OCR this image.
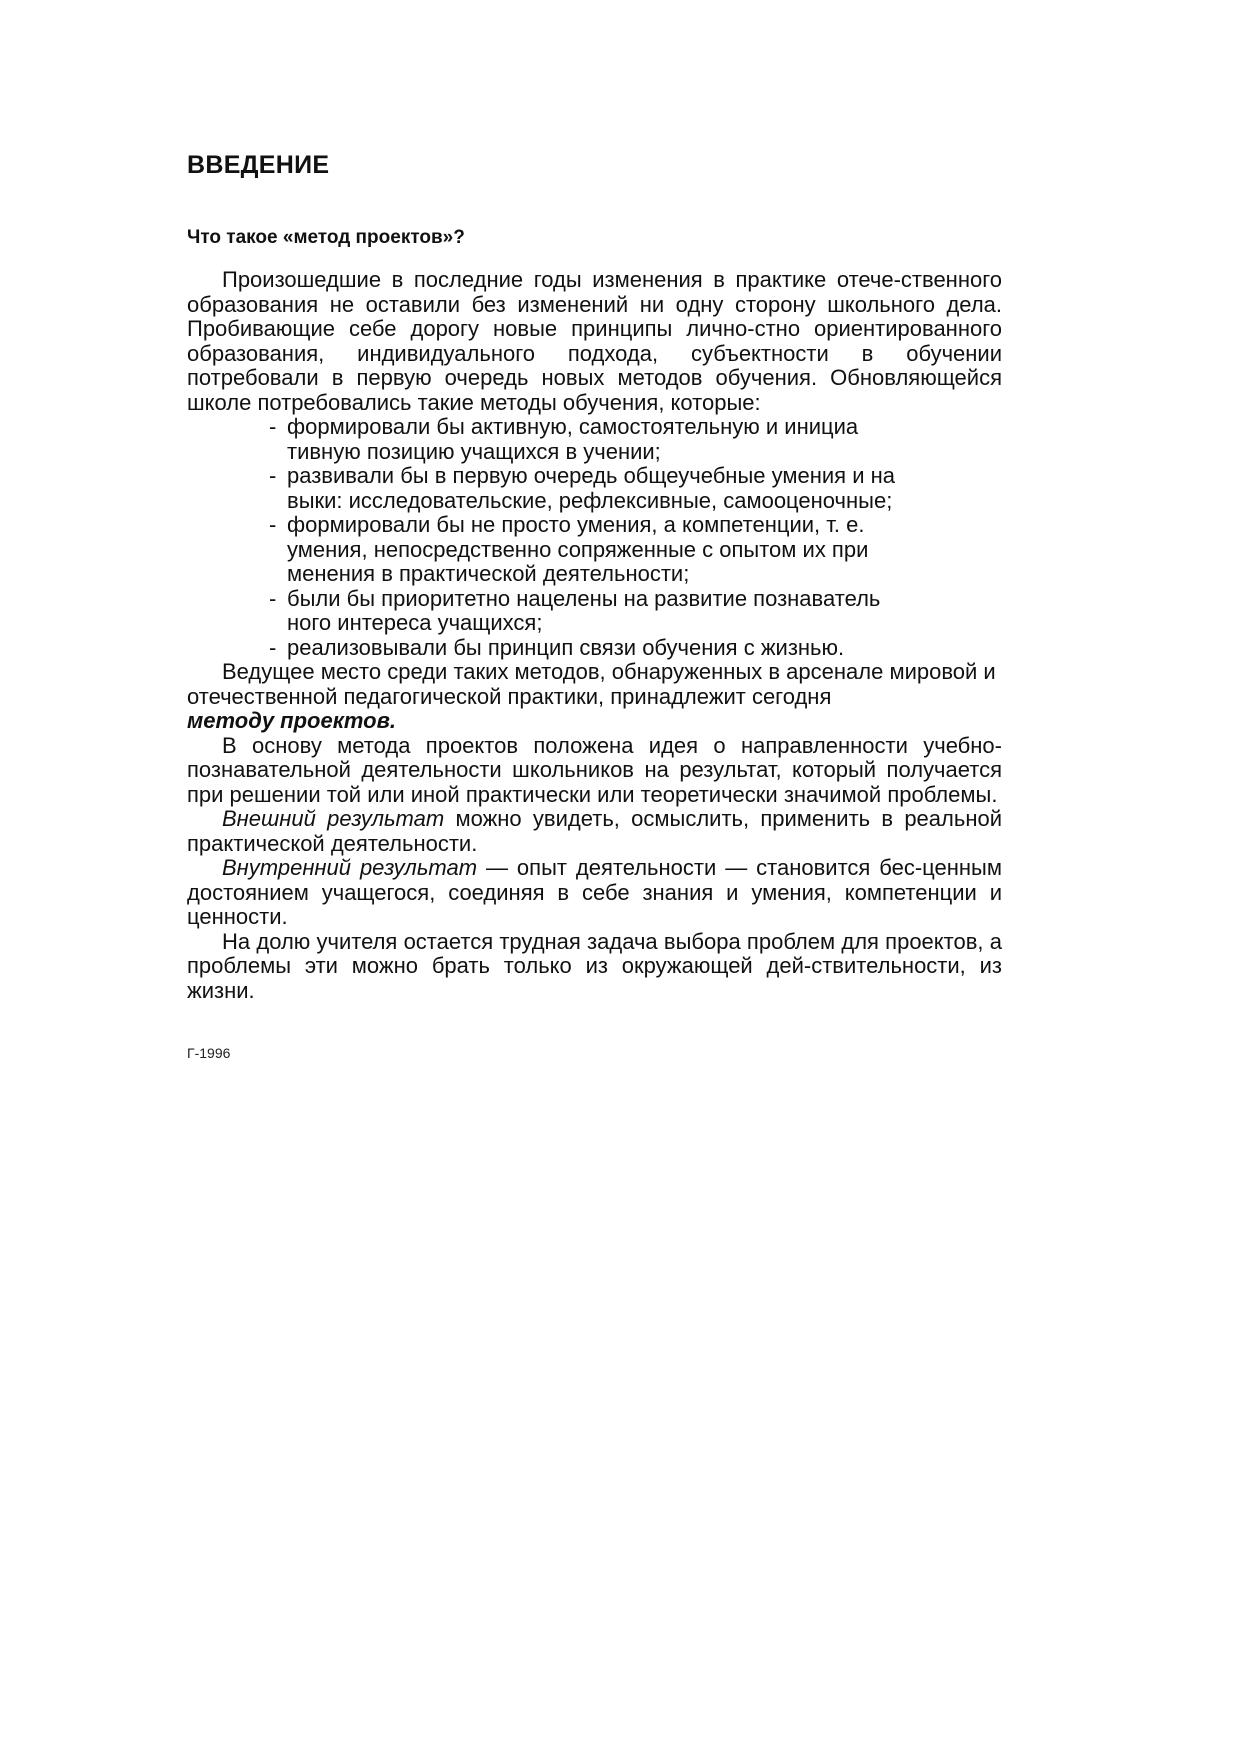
ВВЕДЕНИЕ
Что такое «метод проектов»?

Произошедшие в последние годы изменения в практике отече-ственного образования не оставили без изменений ни одну сторону школьного дела. Пробивающие себе дорогу новые принципы лично-стно ориентированного образования, индивидуального подхода, субъектности в обучении потребовали в первую очередь новых методов обучения. Обновляющейся школе потребовались такие методы обучения, которые:

- формировали бы активную, самостоятельную и инициа тивную позицию учащихся в учении;
- развивали бы в первую очередь общеучебные умения и на выки: исследовательские, рефлексивные, самооценочные;
- формировали бы не просто умения, а компетенции, т. е. умения, непосредственно сопряженные с опытом их при менения в практической деятельности;
- были бы приоритетно нацелены на развитие познаватель ного интереса учащихся;
- реализовывали бы принцип связи обучения с жизнью.

Ведущее место среди таких методов, обнаруженных в арсенале мировой и отечественной педагогической практики, принадлежит сегодня
методу проектов.

В основу метода проектов положена идея о направленности учебно-познавательной деятельности школьников на результат, который получается при решении той или иной практически или теоретически значимой проблемы.

Внешний результат можно увидеть, осмыслить, применить в реальной практической деятельности.

Внутренний результат — опыт деятельности — становится бес-ценным достоянием учащегося, соединяя в себе знания и умения, компетенции и ценности.

На долю учителя остается трудная задача выбора проблем для проектов, а проблемы эти можно брать только из окружающей дей-ствительности, из жизни.

Г-1996
